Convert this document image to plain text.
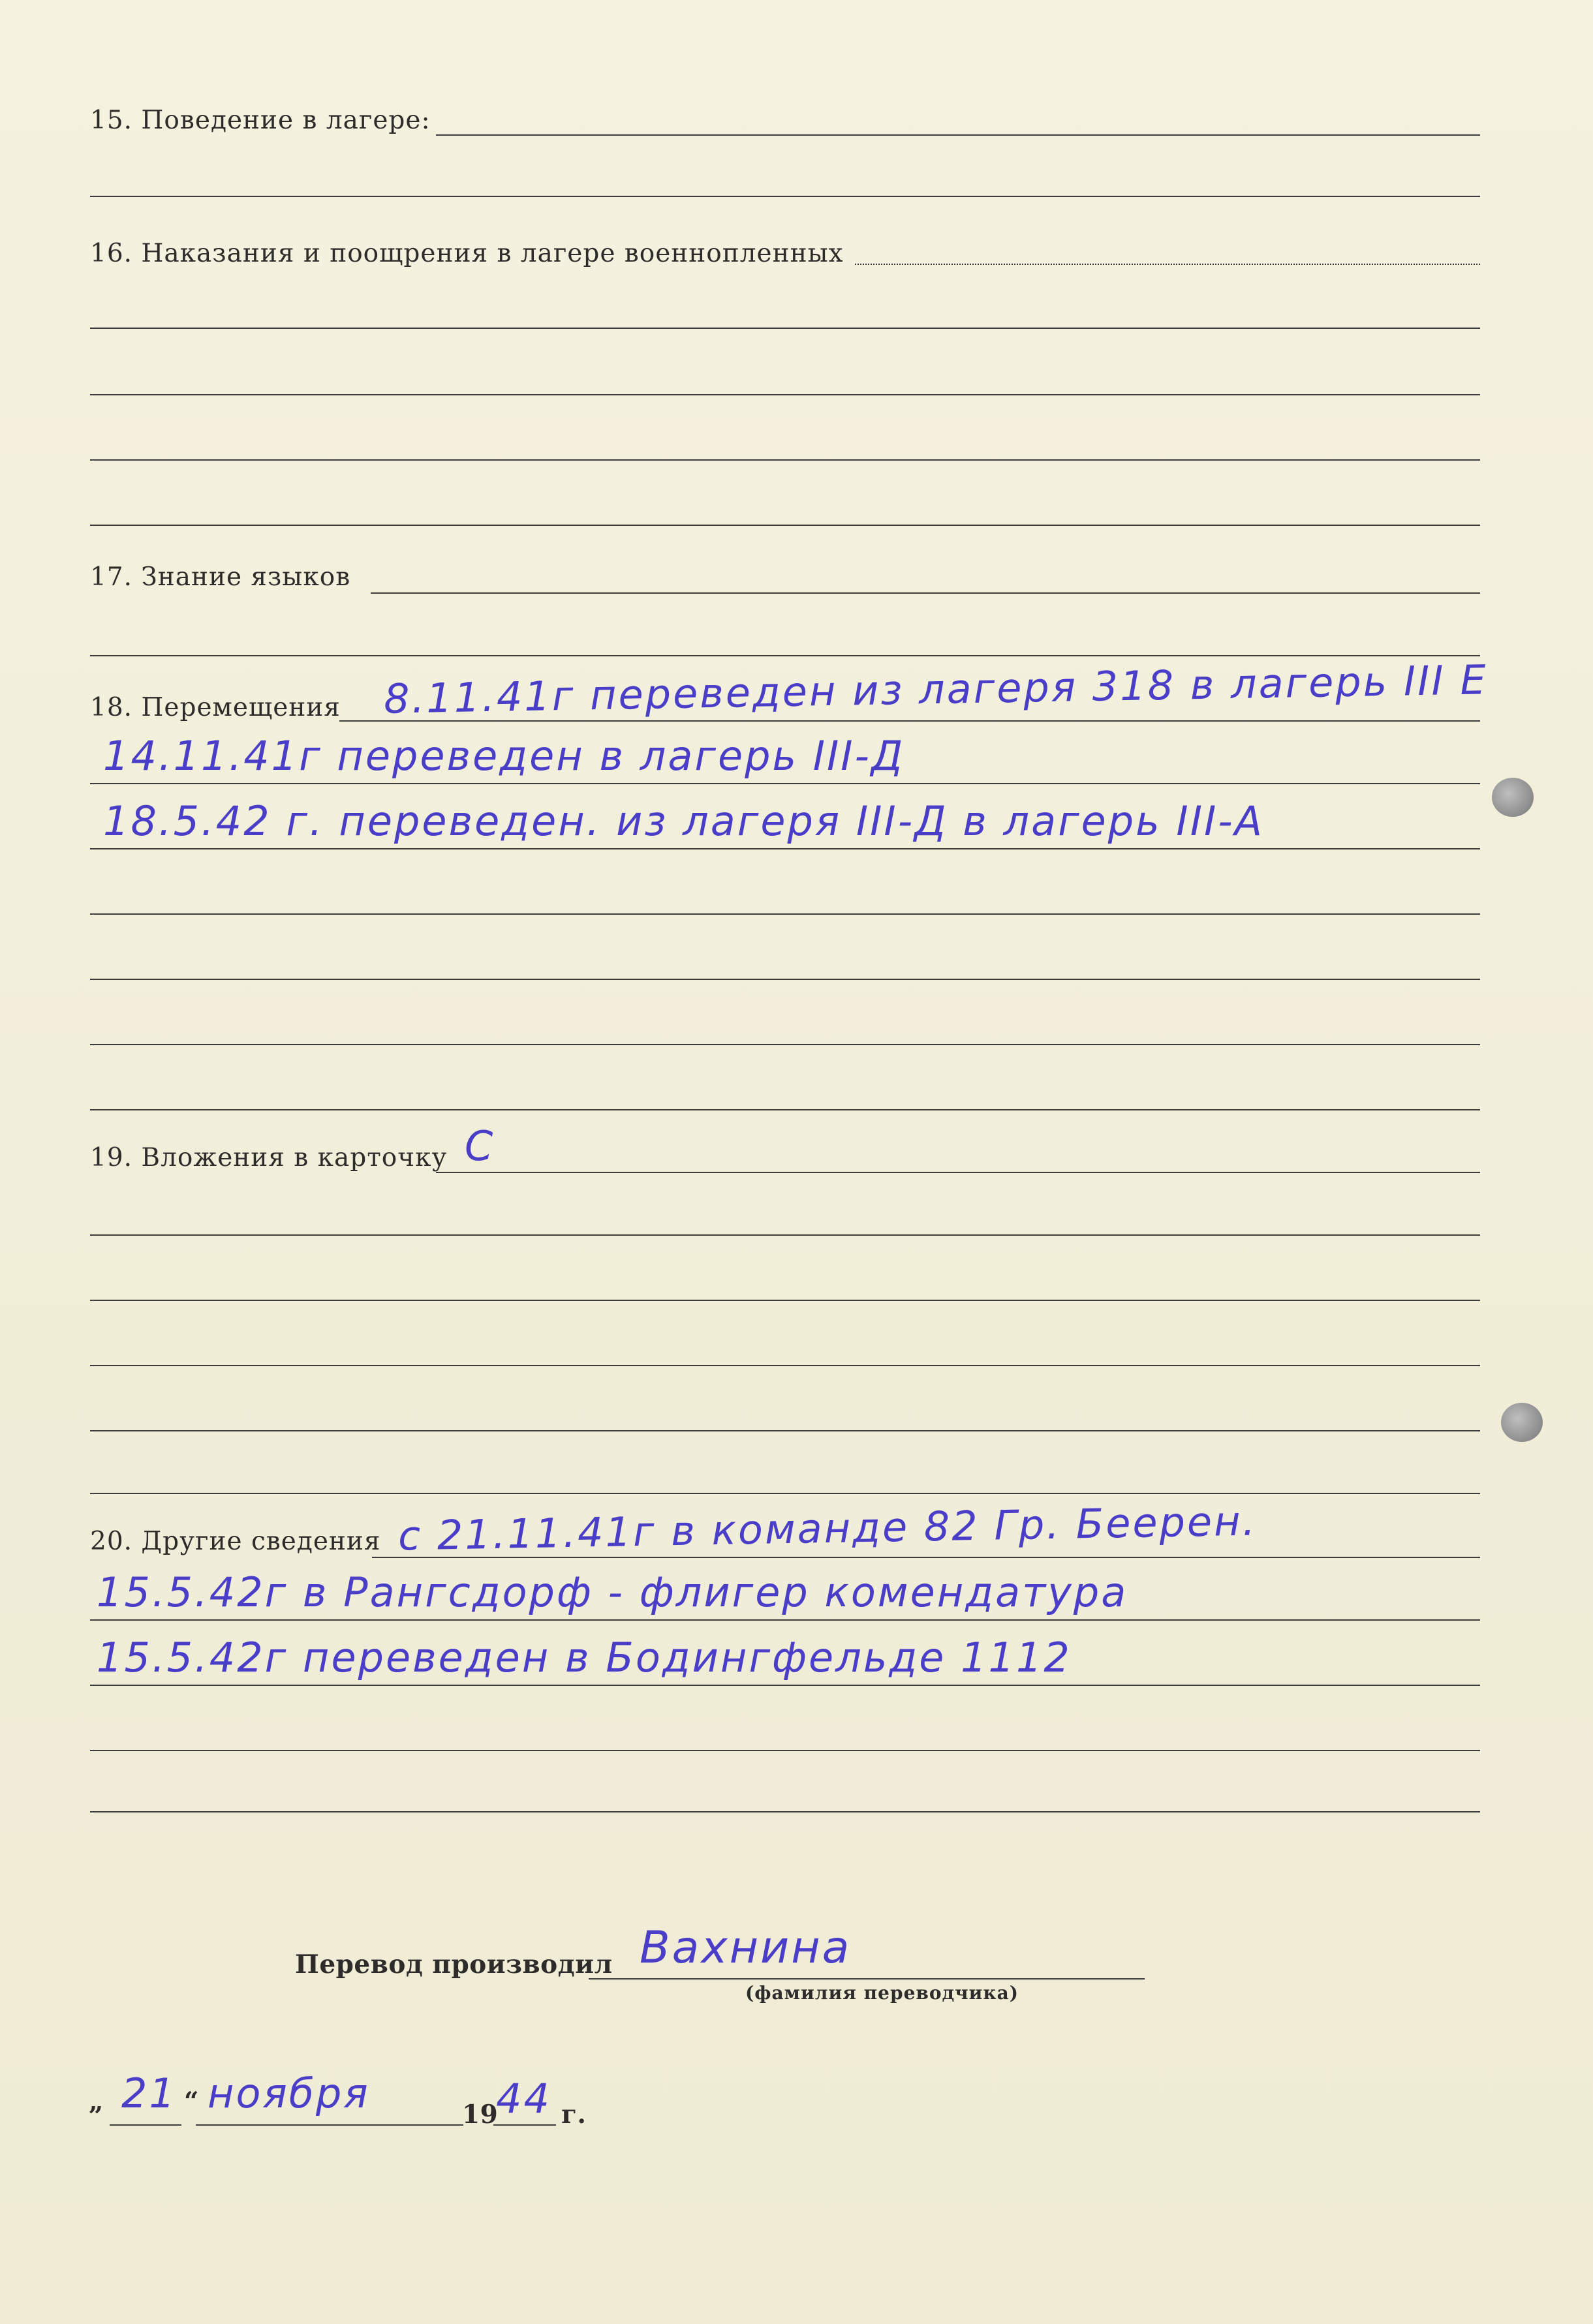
15. Поведение в лагере:
16. Наказания и поощрения в лагере военнопленных
17. Знание языков
18. Перемещения 8.11.41г переведен из лагеря 318 в лагерь III Е
14.11.41г переведен в лагерь III-Д
18.5.42 г. переведен. из лагеря III-Д в лагерь III-А
19. Вложения в карточку С
20. Другие сведения с 21.11.41г в команде 82 Гр. Беерен.
15.5.42г в Рангсдорф - флигер комендатура
15.5.42г переведен в Бодингфельде 1112
Перевод производил Вахнина
(фамилия переводчика)
„ 21 “ ноября	19
44 г.
